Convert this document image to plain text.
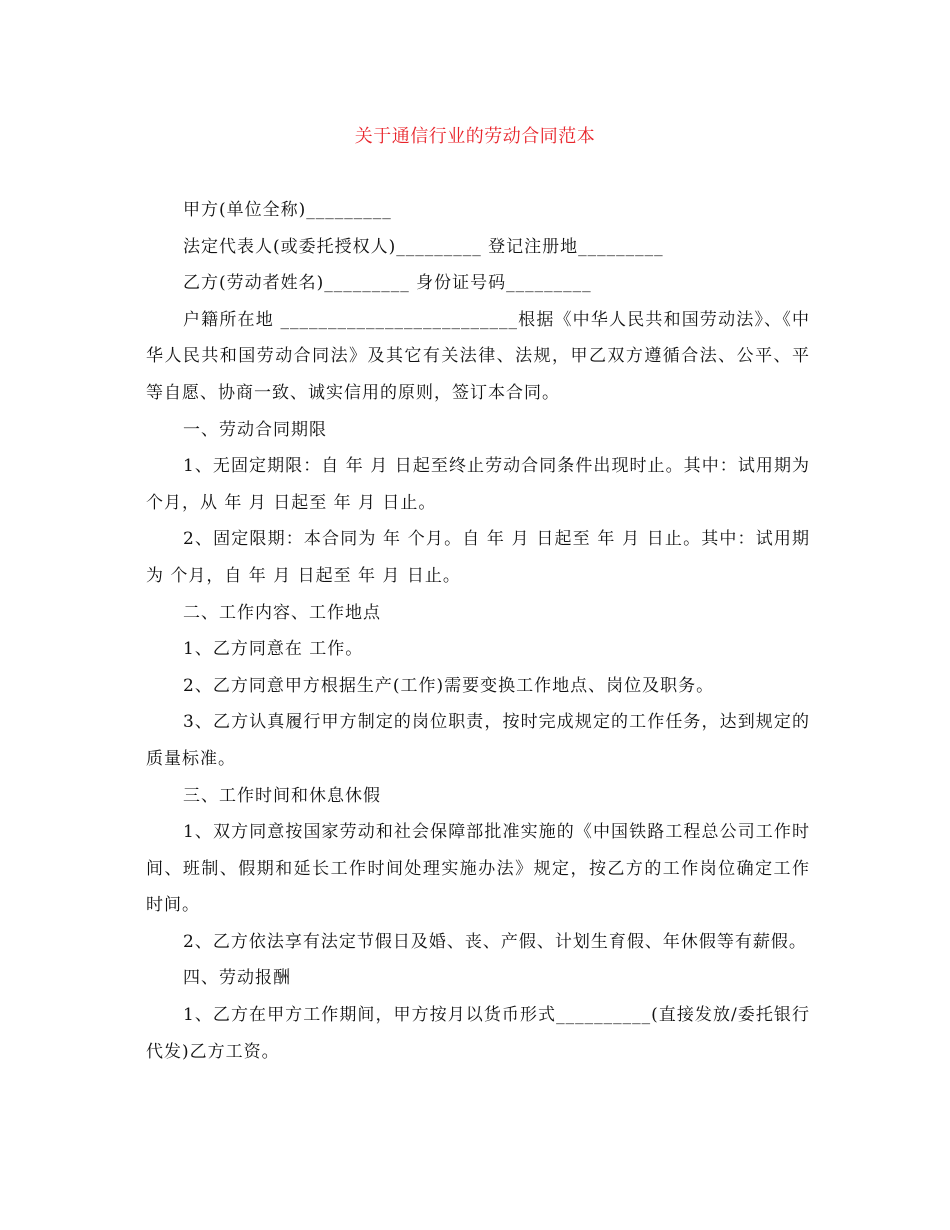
关于通信行业的劳动合同范本

甲方(单位全称)_________

法定代表人(或委托授权人)_________ 登记注册地_________

乙方(劳动者姓名)_________ 身份证号码_________

户籍所在地 _________________________根据《中华人民共和国劳动法》、《中华人民共和国劳动合同法》及其它有关法律、法规，甲乙双方遵循合法、公平、平等自愿、协商一致、诚实信用的原则，签订本合同。

一、劳动合同期限

1、无固定期限：自 年 月 日起至终止劳动合同条件出现时止。其中：试用期为 个月，从 年 月 日起至 年 月 日止。

2、固定限期：本合同为 年 个月。自 年 月 日起至 年 月 日止。其中：试用期为 个月，自 年 月 日起至 年 月 日止。

二、工作内容、工作地点

1、乙方同意在 工作。

2、乙方同意甲方根据生产(工作)需要变换工作地点、岗位及职务。

3、乙方认真履行甲方制定的岗位职责，按时完成规定的工作任务，达到规定的质量标准。

三、工作时间和休息休假

1、双方同意按国家劳动和社会保障部批准实施的《中国铁路工程总公司工作时间、班制、假期和延长工作时间处理实施办法》规定，按乙方的工作岗位确定工作时间。

2、乙方依法享有法定节假日及婚、丧、产假、计划生育假、年休假等有薪假。

四、劳动报酬

1、乙方在甲方工作期间，甲方按月以货币形式__________(直接发放/委托银行代发)乙方工资。
